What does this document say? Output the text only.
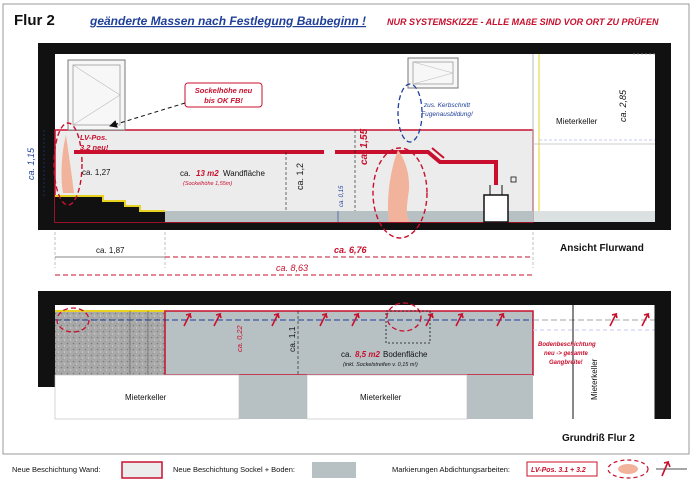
Flur 2	geänderte Massen nach Festlegung Baubeginn ! NUR SYSTEMSKIZZE - ALLE MAßE SIND VOR ORT ZU PRÜFEN
Mieterkeller ca. 2,85
Sockelhöhe neu
bis OK FB!
zus. Kerbschnitt
Fugenausbildung!
LV-Pos.
3.2 neu!
ca. 1,15	ca. 1,27	ca. 13 m2 Wandfläche
(Sockelhöhe 1,55m)	ca. 1,2
ca. 1,55
ca. 0,15
ca. 1,87	ca. 6,76
ca. 8,63
Ansicht Flurwand
Mieterkeller
Mieterkeller	Mieterkeller
ca. 0,22	ca. 1,1
ca. 8,5 m2 Bodenfläche
(inkl. Sockelstreifen v. 0,15 m!)
Bodenbeschichtung
neu -> gesamte
Gangbreite!
Grundriß Flur 2
Neue Beschichtung Wand:	Neue Beschichtung Sockel + Boden:	Markierungen Abdichtungsarbeiten:	LV-Pos. 3.1 + 3.2
